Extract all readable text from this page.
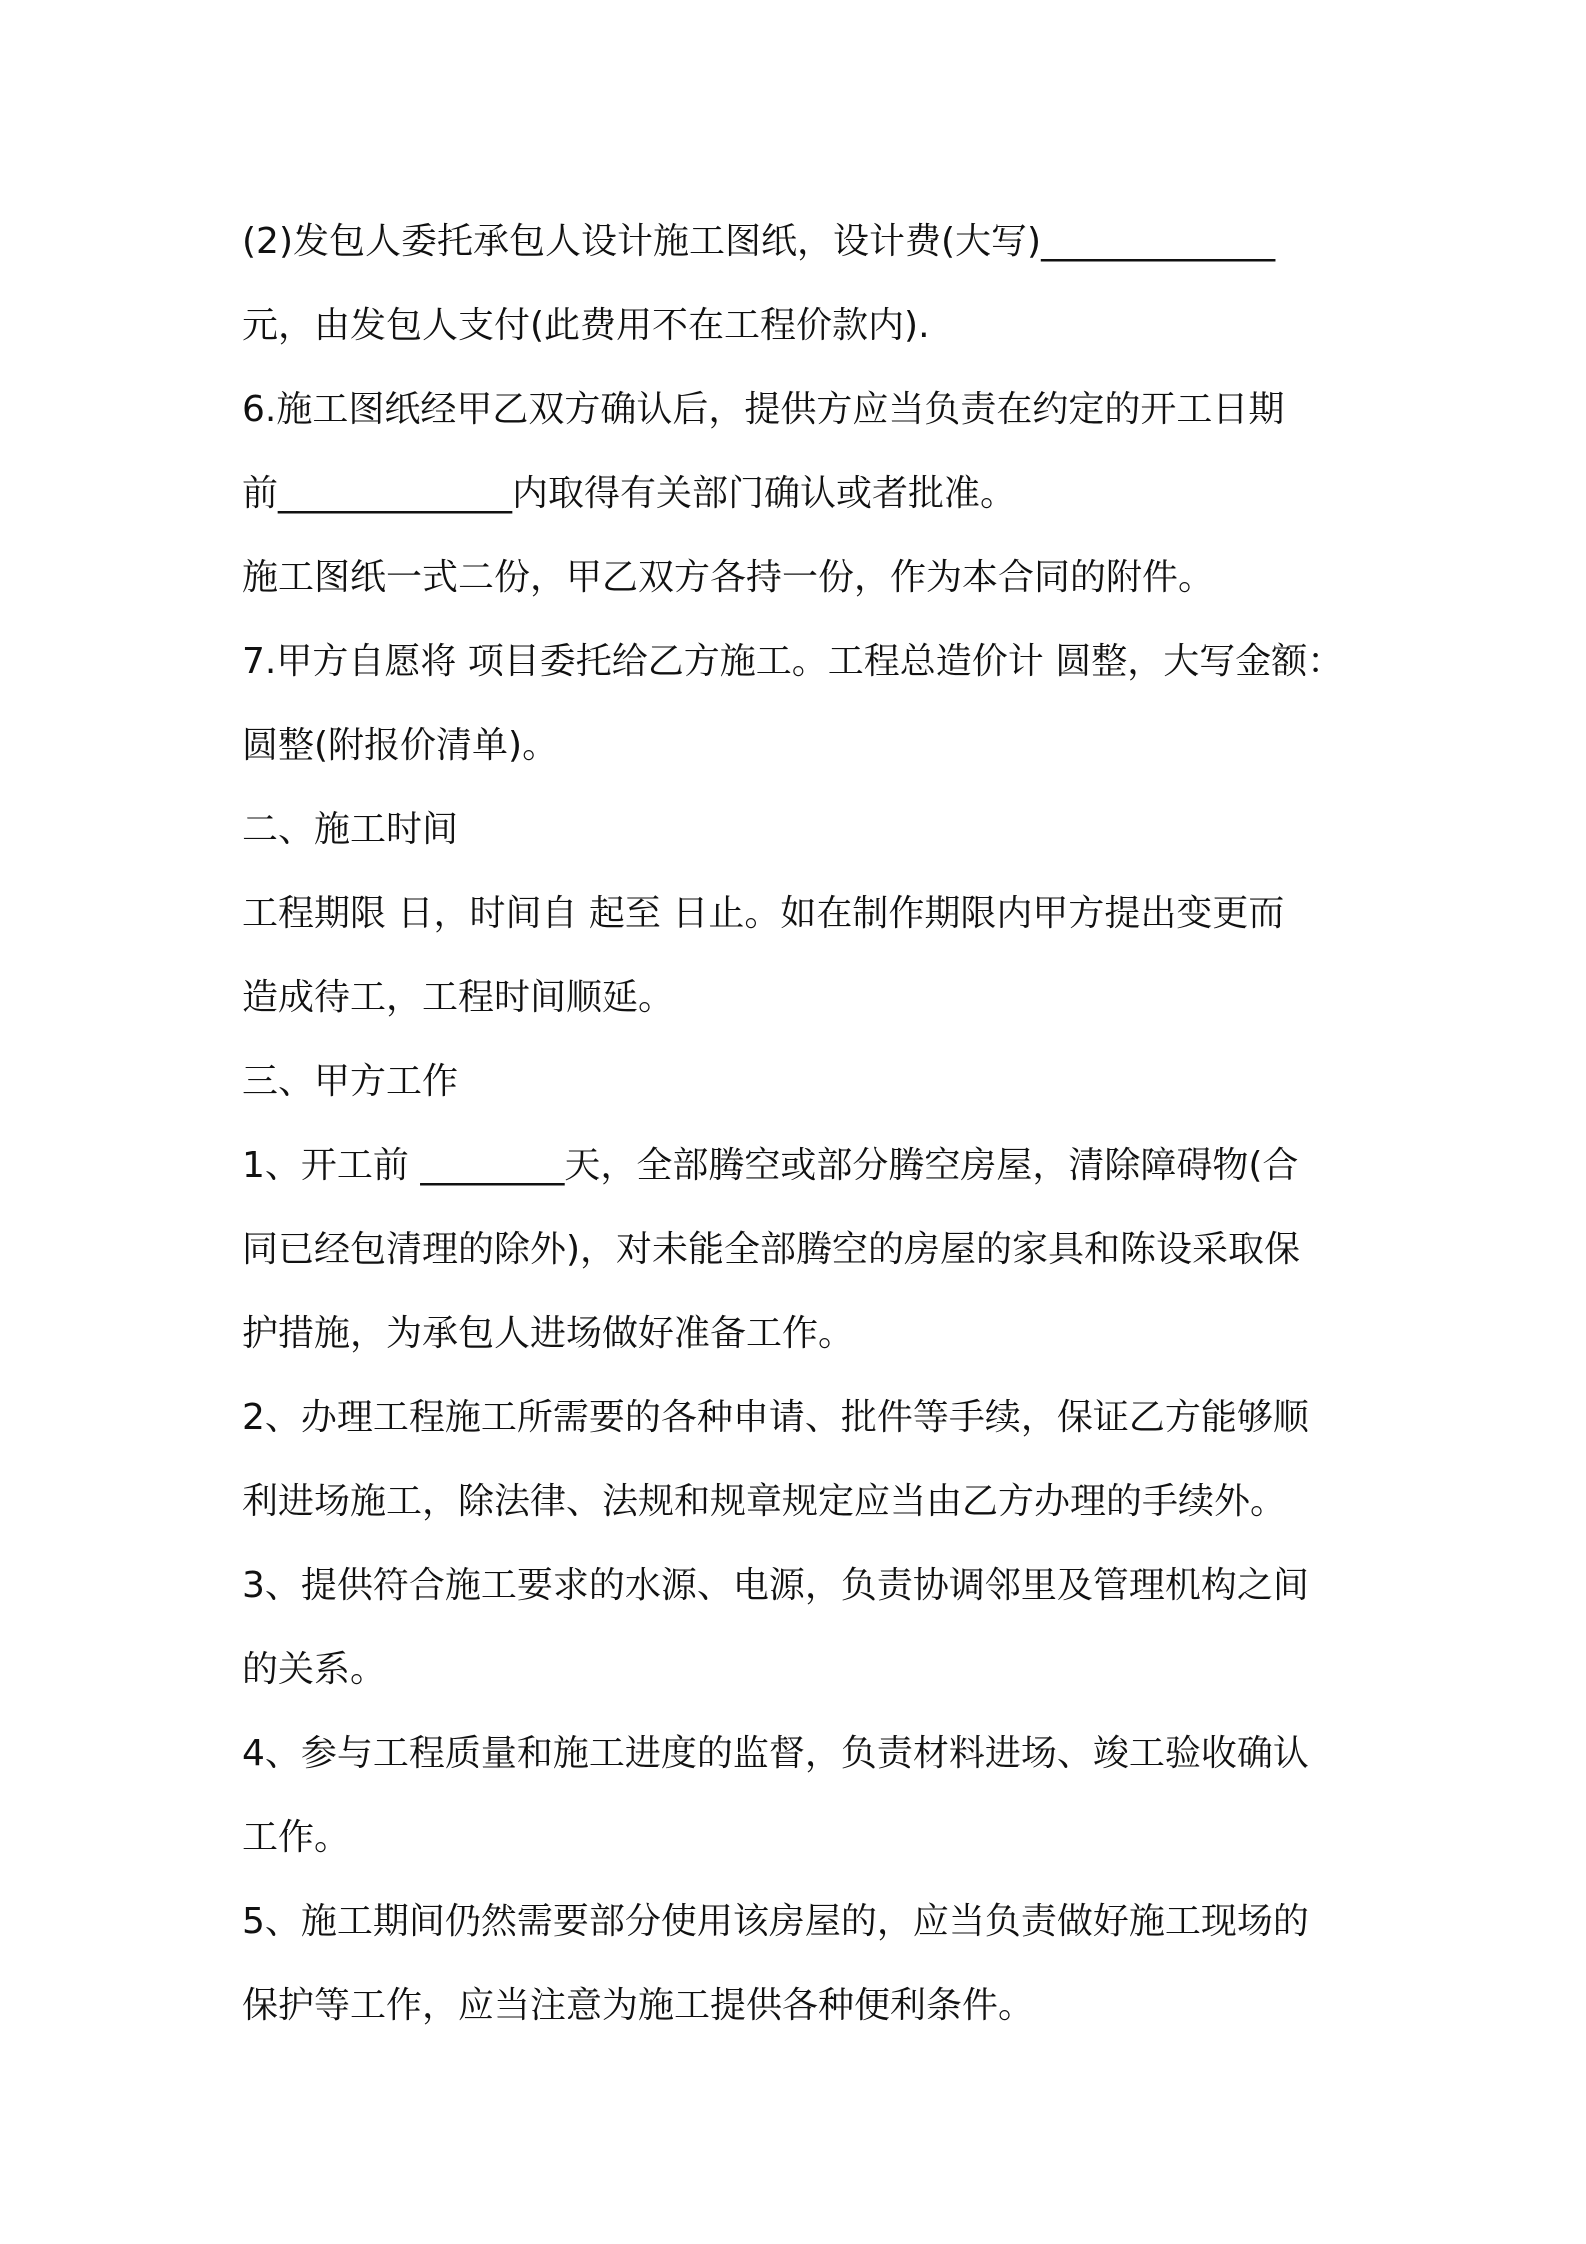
(2)发包人委托承包人设计施工图纸，设计费(大写)_____________
元，由发包人支付(此费用不在工程价款内).
6.施工图纸经甲乙双方确认后，提供方应当负责在约定的开工日期
前_____________内取得有关部门确认或者批准。
施工图纸一式二份，甲乙双方各持一份，作为本合同的附件。
7.甲方自愿将 项目委托给乙方施工。工程总造价计 圆整，大写金额：
圆整(附报价清单)。
二、施工时间
工程期限 日，时间自 起至 日止。如在制作期限内甲方提出变更而
造成待工，工程时间顺延。
三、甲方工作
1、开工前 ________天，全部腾空或部分腾空房屋，清除障碍物(合
同已经包清理的除外)，对未能全部腾空的房屋的家具和陈设采取保
护措施，为承包人进场做好准备工作。
2、办理工程施工所需要的各种申请、批件等手续，保证乙方能够顺
利进场施工，除法律、法规和规章规定应当由乙方办理的手续外。
3、提供符合施工要求的水源、电源，负责协调邻里及管理机构之间
的关系。
4、参与工程质量和施工进度的监督，负责材料进场、竣工验收确认
工作。
5、施工期间仍然需要部分使用该房屋的，应当负责做好施工现场的
保护等工作，应当注意为施工提供各种便利条件。
